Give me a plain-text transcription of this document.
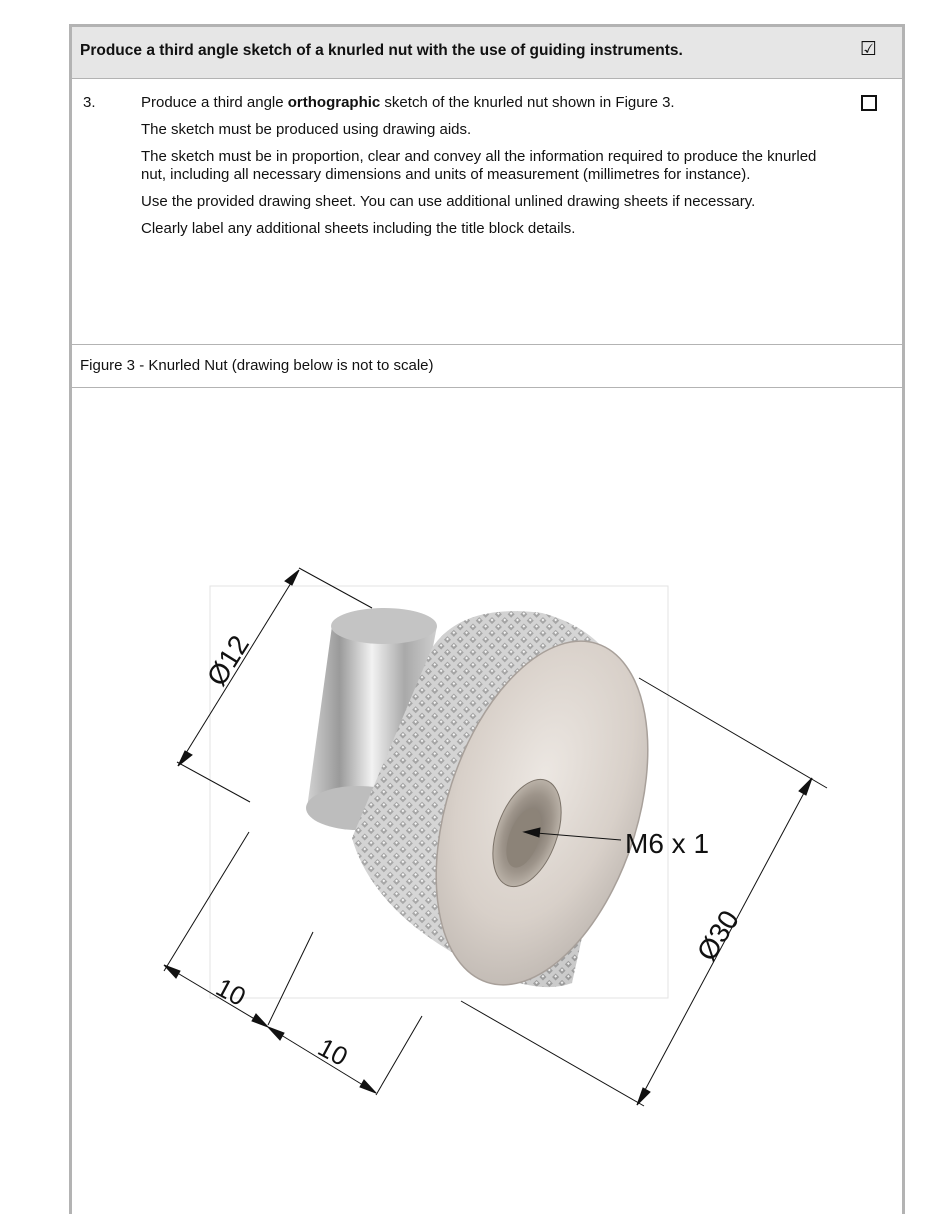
Produce a third angle sketch of a knurled nut with the use of guiding instruments.	☑
3.	Produce a third angle orthographic sketch of the knurled nut shown in Figure 3.

The sketch must be produced using drawing aids.

The sketch must be in proportion, clear and convey all the information required to produce the knurled nut, including all necessary dimensions and units of measurement (millimetres for instance).

Use the provided drawing sheet. You can use additional unlined drawing sheets if necessary.

Clearly label any additional sheets including the title block details.

Figure 3 - Knurled Nut (drawing below is not to scale)
Ø12
Ø30
M6 x 1
10
10
